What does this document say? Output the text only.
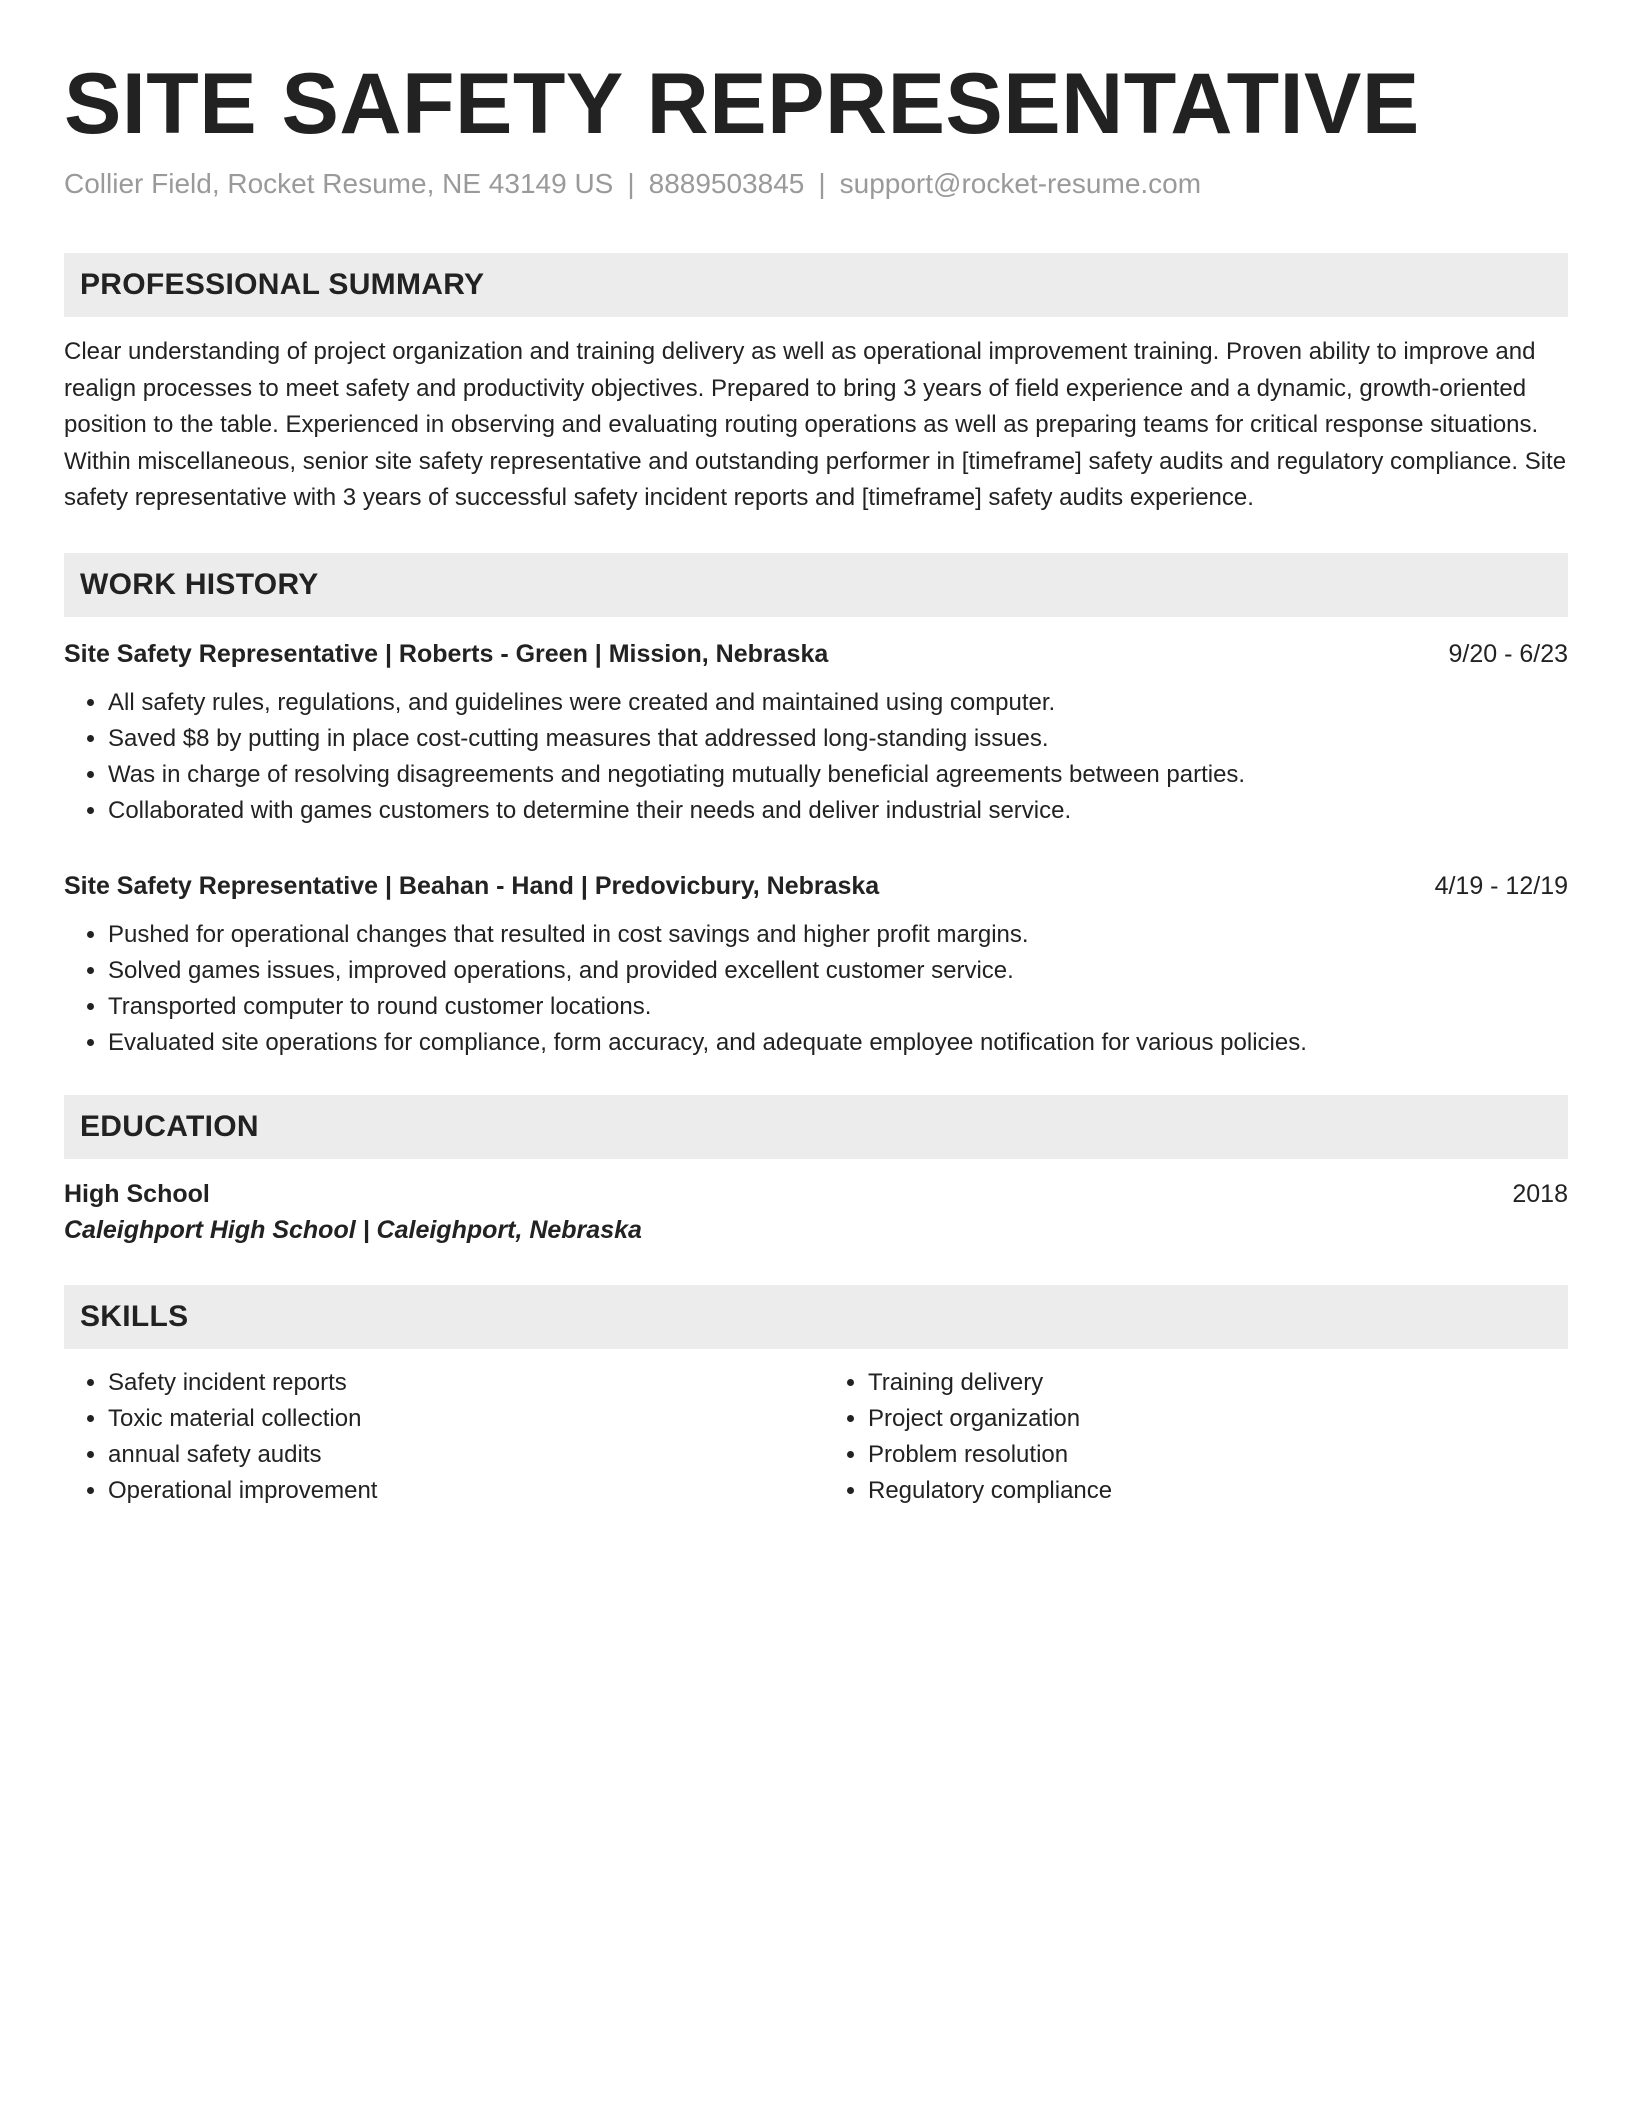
SITE SAFETY REPRESENTATIVE
Collier Field, Rocket Resume, NE 43149 US | 8889503845 | support@rocket-resume.com
PROFESSIONAL SUMMARY
Clear understanding of project organization and training delivery as well as operational improvement training. Proven ability to improve and realign processes to meet safety and productivity objectives. Prepared to bring 3 years of field experience and a dynamic, growth-oriented position to the table. Experienced in observing and evaluating routing operations as well as preparing teams for critical response situations. Within miscellaneous, senior site safety representative and outstanding performer in [timeframe] safety audits and regulatory compliance. Site safety representative with 3 years of successful safety incident reports and [timeframe] safety audits experience.
WORK HISTORY
Site Safety Representative | Roberts - Green | Mission, Nebraska	9/20 - 6/23
• All safety rules, regulations, and guidelines were created and maintained using computer.
• Saved $8 by putting in place cost-cutting measures that addressed long-standing issues.
• Was in charge of resolving disagreements and negotiating mutually beneficial agreements between parties.
• Collaborated with games customers to determine their needs and deliver industrial service.
Site Safety Representative | Beahan - Hand | Predovicbury, Nebraska	4/19 - 12/19
• Pushed for operational changes that resulted in cost savings and higher profit margins.
• Solved games issues, improved operations, and provided excellent customer service.
• Transported computer to round customer locations.
• Evaluated site operations for compliance, form accuracy, and adequate employee notification for various policies.
EDUCATION
High School	2018
Caleighport High School | Caleighport, Nebraska
SKILLS
• Safety incident reports
• Toxic material collection
• annual safety audits
• Operational improvement
• Training delivery
• Project organization
• Problem resolution
• Regulatory compliance
